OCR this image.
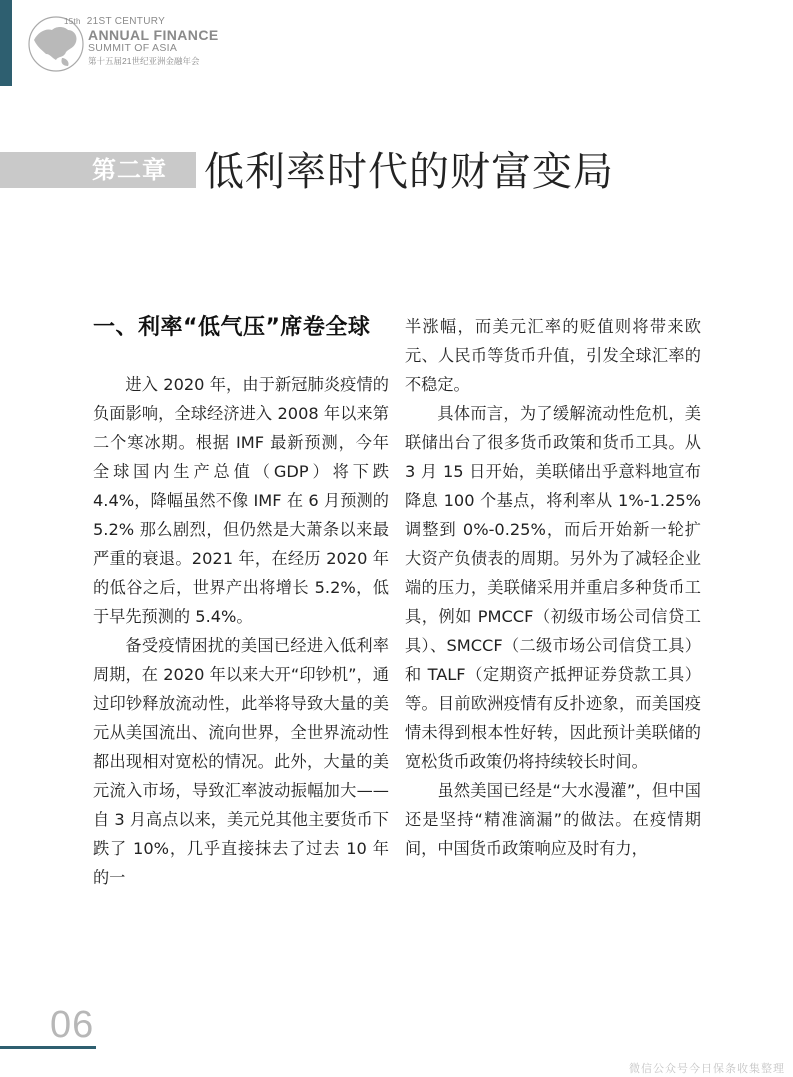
15th 21ST CENTURY
ANNUAL FINANCE
SUMMIT OF ASIA
第十五届21世纪亚洲金融年会
第二章 低利率时代的财富变局
一、利率“低气压”席卷全球

进入 2020 年，由于新冠肺炎疫情的负面影响，全球经济进入 2008 年以来第二个寒冰期。根据 IMF 最新预测，今年全球国内生产总值（GDP）将下跌 4.4%，降幅虽然不像 IMF 在 6 月预测的 5.2% 那么剧烈，但仍然是大萧条以来最严重的衰退。2021 年，在经历 2020 年的低谷之后，世界产出将增长 5.2%，低于早先预测的 5.4%。

备受疫情困扰的美国已经进入低利率周期，在 2020 年以来大开“印钞机”，通过印钞释放流动性，此举将导致大量的美元从美国流出、流向世界，全世界流动性都出现相对宽松的情况。此外，大量的美元流入市场，导致汇率波动振幅加大——自 3 月高点以来，美元兑其他主要货币下跌了 10%，几乎直接抹去了过去 10 年的一

半涨幅，而美元汇率的贬值则将带来欧元、人民币等货币升值，引发全球汇率的不稳定。

具体而言，为了缓解流动性危机，美联储出台了很多货币政策和货币工具。从 3 月 15 日开始，美联储出乎意料地宣布降息 100 个基点，将利率从 1%-1.25% 调整到 0%-0.25%，而后开始新一轮扩大资产负债表的周期。另外为了减轻企业端的压力，美联储采用并重启多种货币工具，例如 PMCCF（初级市场公司信贷工具）、SMCCF（二级市场公司信贷工具）和 TALF（定期资产抵押证券贷款工具）等。目前欧洲疫情有反扑迹象，而美国疫情未得到根本性好转，因此预计美联储的宽松货币政策仍将持续较长时间。

虽然美国已经是“大水漫灌”，但中国还是坚持“精准滴漏”的做法。在疫情期间，中国货币政策响应及时有力，

06
微信公众号今日保条收集整理
